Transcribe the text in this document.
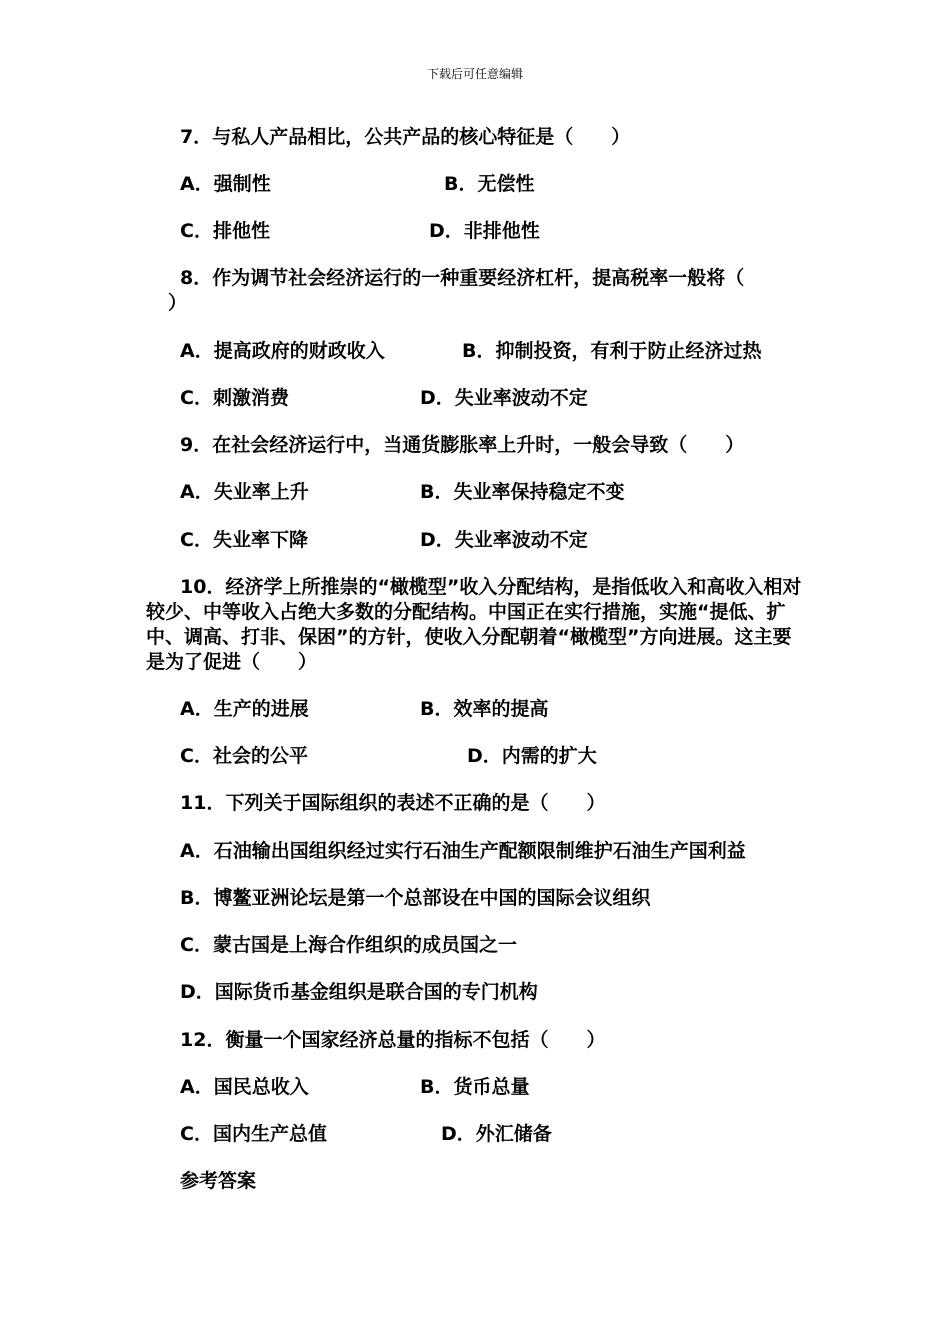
下载后可任意编辑
7．与私人产品相比，公共产品的核心特征是（　　）
A．强制性	B．无偿性
C．排他性	D．非排他性
8．作为调节社会经济运行的一种重要经济杠杆，提高税率一般将（
）
A．提高政府的财政收入	B．抑制投资，有利于防止经济过热
C．刺激消费	D．失业率波动不定
9．在社会经济运行中，当通货膨胀率上升时，一般会导致（　　）
A．失业率上升	B．失业率保持稳定不变
C．失业率下降	D．失业率波动不定
10．经济学上所推崇的“橄榄型”收入分配结构，是指低收入和高收入相对较少、中等收入占绝大多数的分配结构。中国正在实行措施，实施“提低、扩中、调高、打非、保困”的方针，使收入分配朝着“橄榄型”方向进展。这主要是为了促进（　　）
A．生产的进展	B．效率的提高
C．社会的公平	D．内需的扩大
11．下列关于国际组织的表述不正确的是（　　）
A．石油输出国组织经过实行石油生产配额限制维护石油生产国利益
B．博鳌亚洲论坛是第一个总部设在中国的国际会议组织
C．蒙古国是上海合作组织的成员国之一
D．国际货币基金组织是联合国的专门机构
12．衡量一个国家经济总量的指标不包括（　　）
A．国民总收入	B．货币总量
C．国内生产总值	D．外汇储备
参考答案
